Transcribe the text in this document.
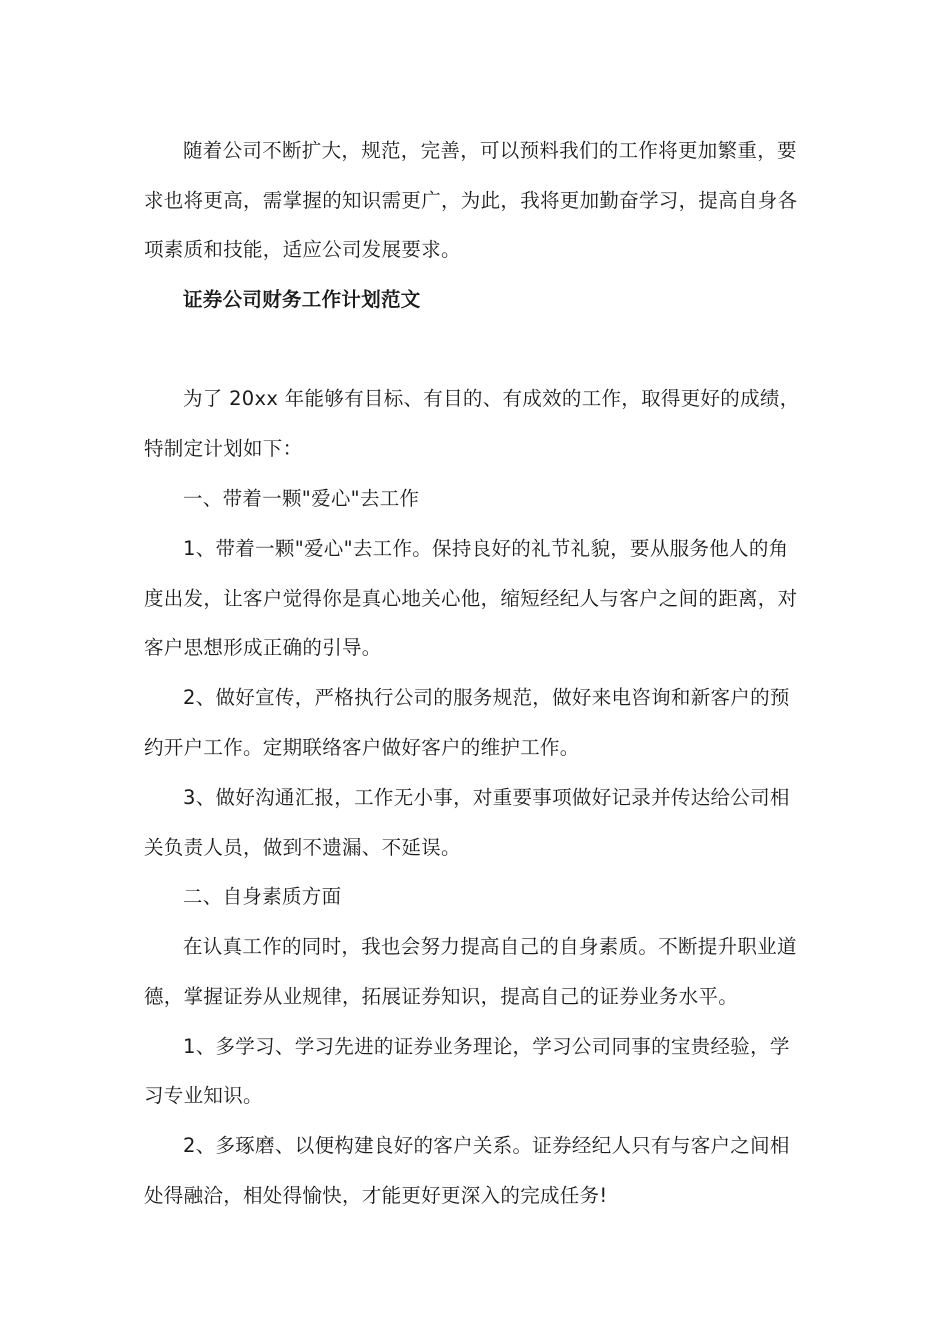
随着公司不断扩大，规范，完善，可以预料我们的工作将更加繁重，要
求也将更高，需掌握的知识需更广，为此，我将更加勤奋学习，提高自身各
项素质和技能，适应公司发展要求。
证券公司财务工作计划范文
为了 20xx 年能够有目标、有目的、有成效的工作，取得更好的成绩，
特制定计划如下：
一、带着一颗"爱心"去工作
1、带着一颗"爱心"去工作。保持良好的礼节礼貌，要从服务他人的角
度出发，让客户觉得你是真心地关心他，缩短经纪人与客户之间的距离，对
客户思想形成正确的引导。
2、做好宣传，严格执行公司的服务规范，做好来电咨询和新客户的预
约开户工作。定期联络客户做好客户的维护工作。
3、做好沟通汇报，工作无小事，对重要事项做好记录并传达给公司相
关负责人员，做到不遗漏、不延误。
二、自身素质方面
在认真工作的同时，我也会努力提高自己的自身素质。不断提升职业道
德，掌握证券从业规律，拓展证券知识，提高自己的证券业务水平。
1、多学习、学习先进的证券业务理论，学习公司同事的宝贵经验，学
习专业知识。
2、多琢磨、以便构建良好的客户关系。证券经纪人只有与客户之间相
处得融洽，相处得愉快，才能更好更深入的完成任务!
